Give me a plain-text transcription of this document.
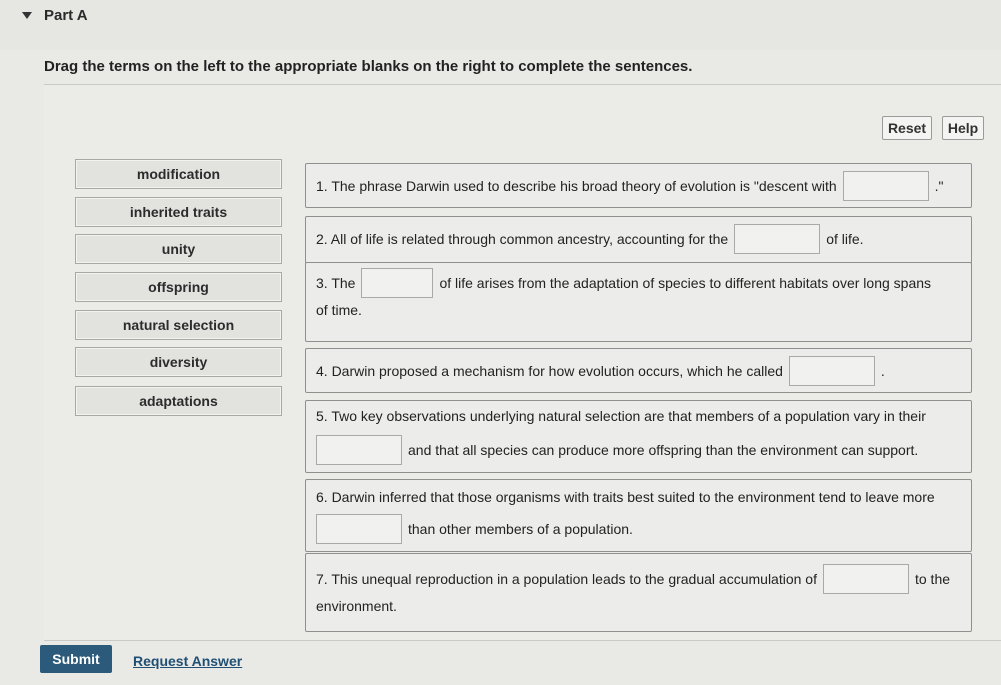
Part A
Drag the terms on the left to the appropriate blanks on the right to complete the sentences.
Reset	Help
modification
inherited traits
unity
offspring
natural selection
diversity
adaptations
1. The phrase Darwin used to describe his broad theory of evolution is "descent with	."
2. All of life is related through common ancestry, accounting for the	of life.
3. The	of life arises from the adaptation of species to different habitats over long spans
of time.
4. Darwin proposed a mechanism for how evolution occurs, which he called	.
5. Two key observations underlying natural selection are that members of a population vary in their
and that all species can produce more offspring than the environment can support.
6. Darwin inferred that those organisms with traits best suited to the environment tend to leave more
than other members of a population.
7. This unequal reproduction in a population leads to the gradual accumulation of	to the
environment.
Submit	Request Answer
